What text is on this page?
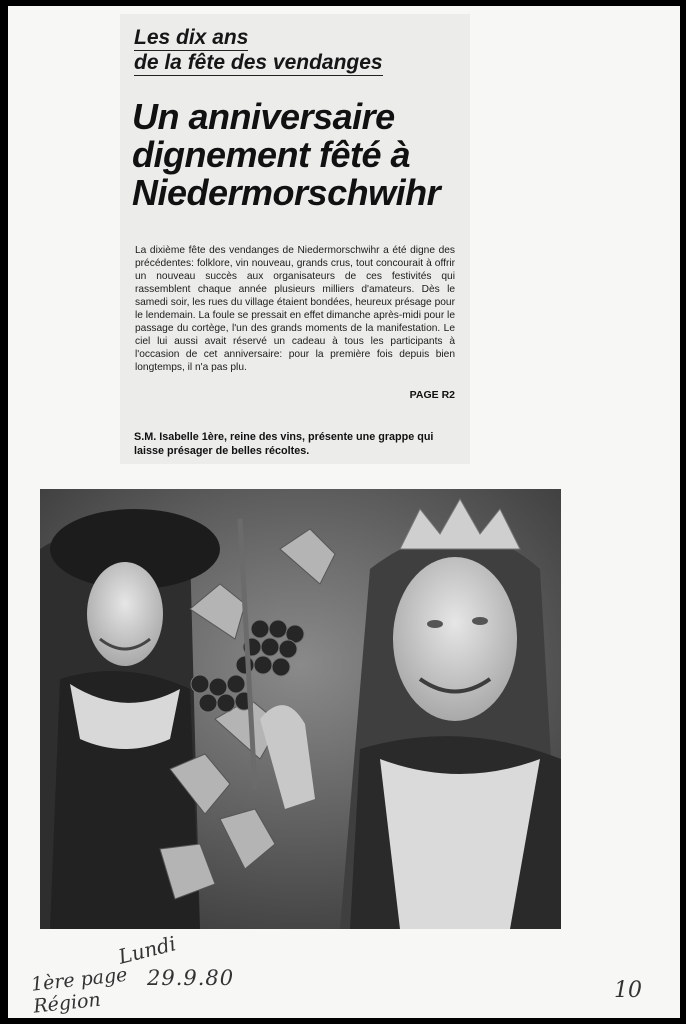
Les dix ans
de la fête des vendanges
Un anniversaire dignement fêté à Niedermorschwihr
La dixième fête des vendanges de Niedermorschwihr a été digne des précédentes: folklore, vin nouveau, grands crus, tout concourait à offrir un nouveau succès aux organisateurs de ces festivités qui rassemblent chaque année plusieurs milliers d'amateurs. Dès le samedi soir, les rues du village étaient bondées, heureux présage pour le lendemain. La foule se pressait en effet dimanche après-midi pour le passage du cortège, l'un des grands moments de la manifestation. Le ciel lui aussi avait réservé un cadeau à tous les participants à l'occasion de cet anniversaire: pour la première fois depuis bien longtemps, il n'a pas plu.
PAGE R2
S.M. Isabelle 1ère, reine des vins, présente une grappe qui laisse présager de belles récoltes.
Lundi
29.9.80
1ère page Région	10
